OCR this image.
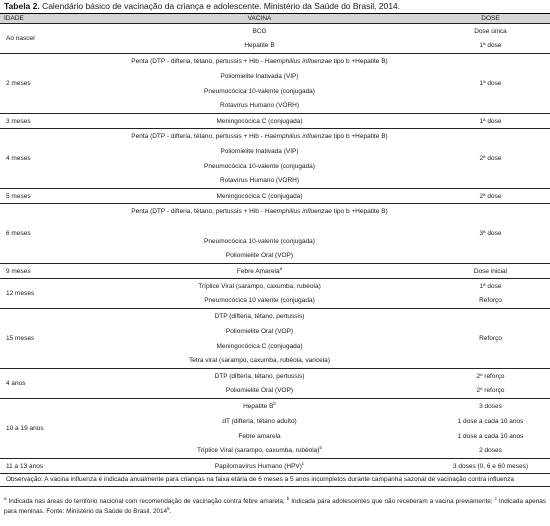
Tabela 2. Calendário básico de vacinação da criança e adolescente. Ministério da Saúde do Brasil, 2014.
IDADE	VACINA	DOSE
Ao nascer	BCG	Dose única
	Hepatite B	1ª dose
2 meses	Penta (DTP - difteria, tétano, pertussis + Hib - Haemphilius influenzae tipo b +Hepatite B)	1ª dose
	Poliomielite Inativada (VIP)	
	Pneumocócica 10-valente (conjugada)	
	Rotavírus Humano (VORH)	
3 meses	Meningocócica C (conjugada)	1ª dose
4 meses	Penta (DTP - difteria, tétano, pertussis + Hib - Haemphilius influenzae tipo b +Hepatite B)	2ª dose
	Poliomielite Inativada (VIP)	
	Pneumocócica 10-valente (conjugada)	
	Rotavírus Humano (VORH)	
5 meses	Meningocócica C (conjugada)	2ª dose
6 meses	Penta (DTP - difteria, tétano, pertussis + Hib - Haemphilius influenzae tipo b +Hepatite B)	3ª dose

	Pneumocócica 10-valente (conjugada)	
	Poliomielite Oral (VOP)	
9 meses	Febre Amarela$^a$	Dose inicial
12 meses	Tríplice Viral (sarampo, caxumba, rubéola)	1ª dose
	Pneumocócica 10 valente (conjugada)	Reforço
15 meses	DTP (difteria, tétano, pertussis)	Reforço
	Poliomielite Oral (VOP)	
	Meningocócica C (conjugada)	
	Tetra viral (sarampo, caxumba, rubéola, varicela)	
4 anos	DTP (difteria, tétano, pertussis)	2º reforço
	Poliomielite Oral (VOP)	2º reforço
10 a 19 anos	Hepatite $B^b$	3 doses
	dT (difteria, tétano adulto)	1 dose a cada 10 anos
	Febre amarela	1 dose a cada 10 anos
	Tríplice Viral (sarampo, caxumba, rubéola)$^b$	2 doses
11 a 13 anos	Papilomavírus Humano (HPV)$^c$	3 doses (0, 6 e 60 meses)
Observação: A vacina influenza é indicada anualmente para crianças na faixa etária de 6 meses a 5 anos incompletos durante campanha sazonal de vacinação contra influenza		
$^a$ Indicada nas áreas do território nacional com recomendação de vacinação contra febre amarela; $^b$ Indicada para adolescentes que não receberam a vacina previamente; $^c$ Indicada apenas para meninas. Fonte: Ministério da Saúde do Brasil, 2014$^5$.
